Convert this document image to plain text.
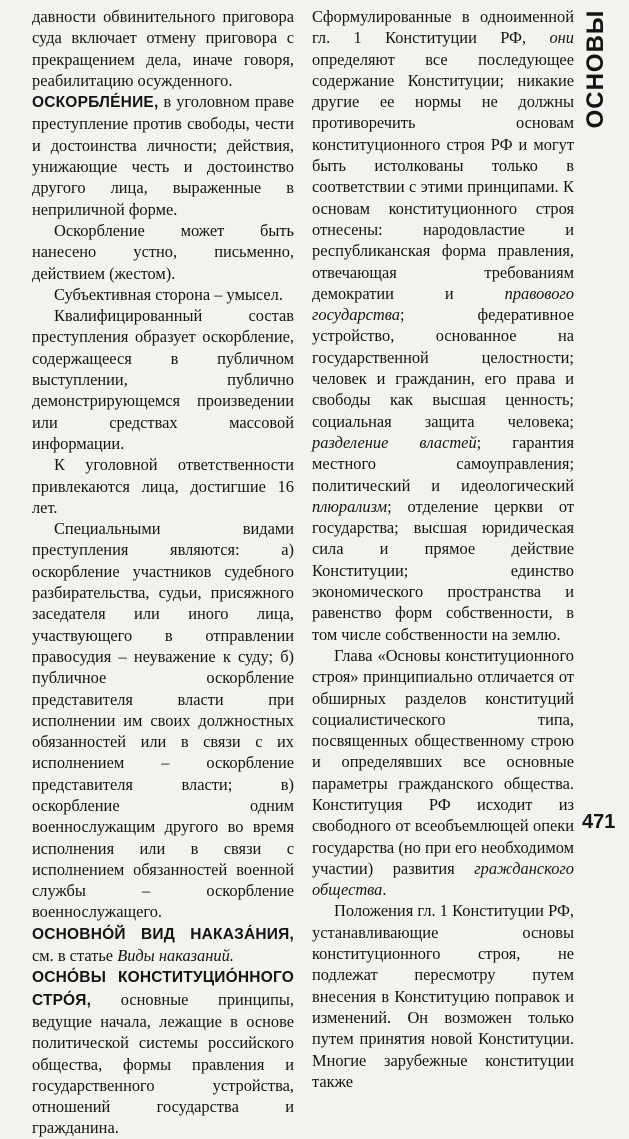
давности обвинительного приговора суда включает отмену приговора с прекращением дела, иначе говоря, реабилитацию осужденного.

ОСКОРБЛЕ́НИЕ, в уголовном праве преступление против свободы, чести и достоинства личности; действия, унижающие честь и достоинство другого лица, выраженные в неприличной форме.

Оскорбление может быть нанесено устно, письменно, действием (жестом).

Субъективная сторона – умысел.

Квалифицированный состав преступления образует оскорбление, содержащееся в публичном выступлении, публично демонстрирующемся произведении или средствах массовой информации.

К уголовной ответственности привлекаются лица, достигшие 16 лет.

Специальными видами преступления являются: а) оскорбление участников судебного разбирательства, судьи, присяжного заседателя или иного лица, участвующего в отправлении правосудия – неуважение к суду; б) публичное оскорбление представителя власти при исполнении им своих должностных обязанностей или в связи с их исполнением – оскорбление представителя власти; в) оскорбление одним военнослужащим другого во время исполнения или в связи с исполнением обязанностей военной службы – оскорбление военнослужащего.

ОСНОВНО́Й ВИД НАКАЗА́НИЯ, см. в статье Виды наказаний.

ОСНО́ВЫ КОНСТИТУЦИО́ННОГО СТРО́Я, основные принципы, ведущие начала, лежащие в основе политической системы российского общества, формы правления и государственного устройства, отношений государства и гражданина.

Сформулированные в одноименной гл. 1 Конституции РФ, они определяют все последующее содержание Конституции; никакие другие ее нормы не должны противоречить основам конституционного строя РФ и могут быть истолкованы только в соответствии с этими принципами. К основам конституционного строя отнесены: народовластие и республиканская форма правления, отвечающая требованиям демократии и правового государства; федеративное устройство, основанное на государственной целостности; человек и гражданин, его права и свободы как высшая ценность; социальная защита человека; разделение властей; гарантия местного самоуправления; политический и идеологический плюрализм; отделение церкви от государства; высшая юридическая сила и прямое действие Конституции; единство экономического пространства и равенство форм собственности, в том числе собственности на землю.

Глава «Основы конституционного строя» принципиально отличается от обширных разделов конституций социалистического типа, посвященных общественному строю и определявших все основные параметры гражданского общества. Конституция РФ исходит из свободного от всеобъемлющей опеки государства (но при его необходимом участии) развития гражданского общества.

Положения гл. 1 Конституции РФ, устанавливающие основы конституционного строя, не подлежат пересмотру путем внесения в Конституцию поправок и изменений. Он возможен только путем принятия новой Конституции. Многие зарубежные конституции также

ОСНОВЫ
471
